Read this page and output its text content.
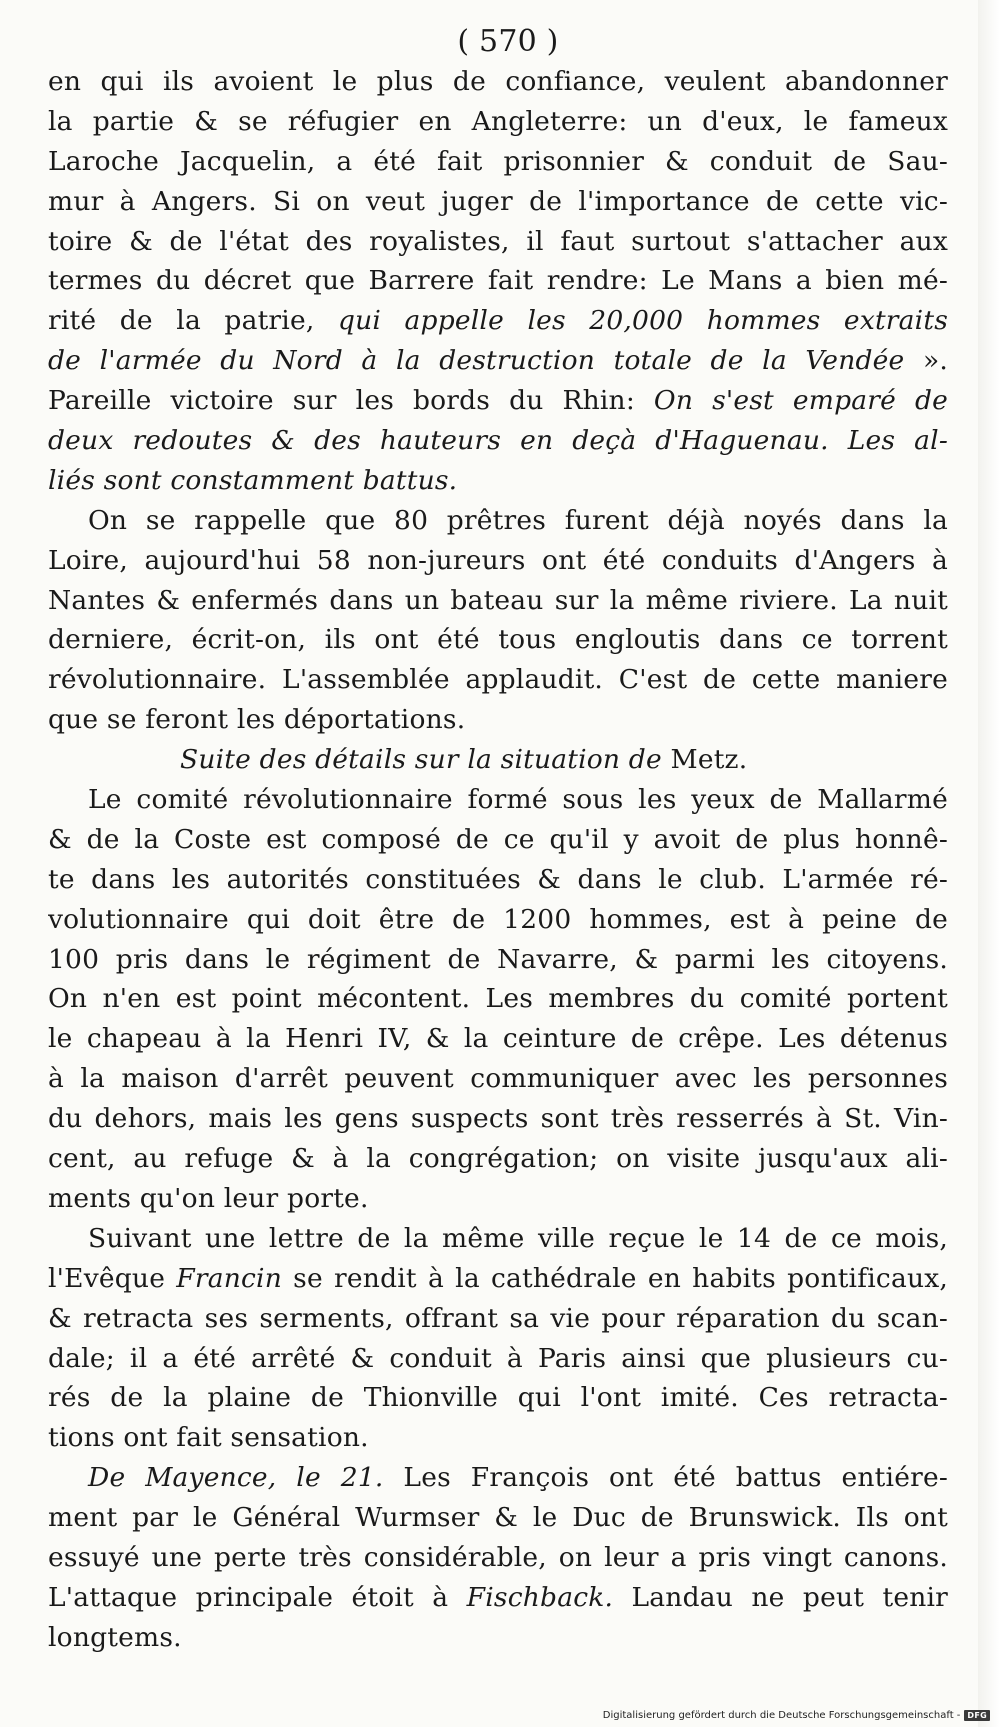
( 570 )
en qui ils avoient le plus de confiance, veulent abandonner
la partie & se réfugier en Angleterre: un d'eux, le fameux
Laroche Jacquelin, a été fait prisonnier & conduit de Sau-
mur à Angers. Si on veut juger de l'importance de cette vic-
toire & de l'état des royalistes, il faut surtout s'attacher aux
termes du décret que Barrere fait rendre: Le Mans a bien mé-
rité de la patrie, qui appelle les 20,000 hommes extraits
de l'armée du Nord à la destruction totale de la Vendée ».
Pareille victoire sur les bords du Rhin: On s'est emparé de
deux redoutes & des hauteurs en deçà d'Haguenau. Les al-
liés sont constamment battus.
On se rappelle que 80 prêtres furent déjà noyés dans la
Loire, aujourd'hui 58 non-jureurs ont été conduits d'Angers à
Nantes & enfermés dans un bateau sur la même riviere. La nuit
derniere, écrit-on, ils ont été tous engloutis dans ce torrent
révolutionnaire. L'assemblée applaudit. C'est de cette maniere
que se feront les déportations.
Suite des détails sur la situation de Metz.
Le comité révolutionnaire formé sous les yeux de Mallarmé
& de la Coste est composé de ce qu'il y avoit de plus honnê-
te dans les autorités constituées & dans le club. L'armée ré-
volutionnaire qui doit être de 1200 hommes, est à peine de
100 pris dans le régiment de Navarre, & parmi les citoyens.
On n'en est point mécontent. Les membres du comité portent
le chapeau à la Henri IV, & la ceinture de crêpe. Les détenus
à la maison d'arrêt peuvent communiquer avec les personnes
du dehors, mais les gens suspects sont très resserrés à St. Vin-
cent, au refuge & à la congrégation; on visite jusqu'aux ali-
ments qu'on leur porte.
Suivant une lettre de la même ville reçue le 14 de ce mois,
l'Evêque Francin se rendit à la cathédrale en habits pontificaux,
& retracta ses serments, offrant sa vie pour réparation du scan-
dale; il a été arrêté & conduit à Paris ainsi que plusieurs cu-
rés de la plaine de Thionville qui l'ont imité. Ces retracta-
tions ont fait sensation.
De Mayence, le 21. Les François ont été battus entiére-
ment par le Général Wurmser & le Duc de Brunswick. Ils ont
essuyé une perte très considérable, on leur a pris vingt canons.
L'attaque principale étoit à Fischback. Landau ne peut tenir
longtems.
Digitalisierung gefördert durch die Deutsche Forschungsgemeinschaft - DFG
